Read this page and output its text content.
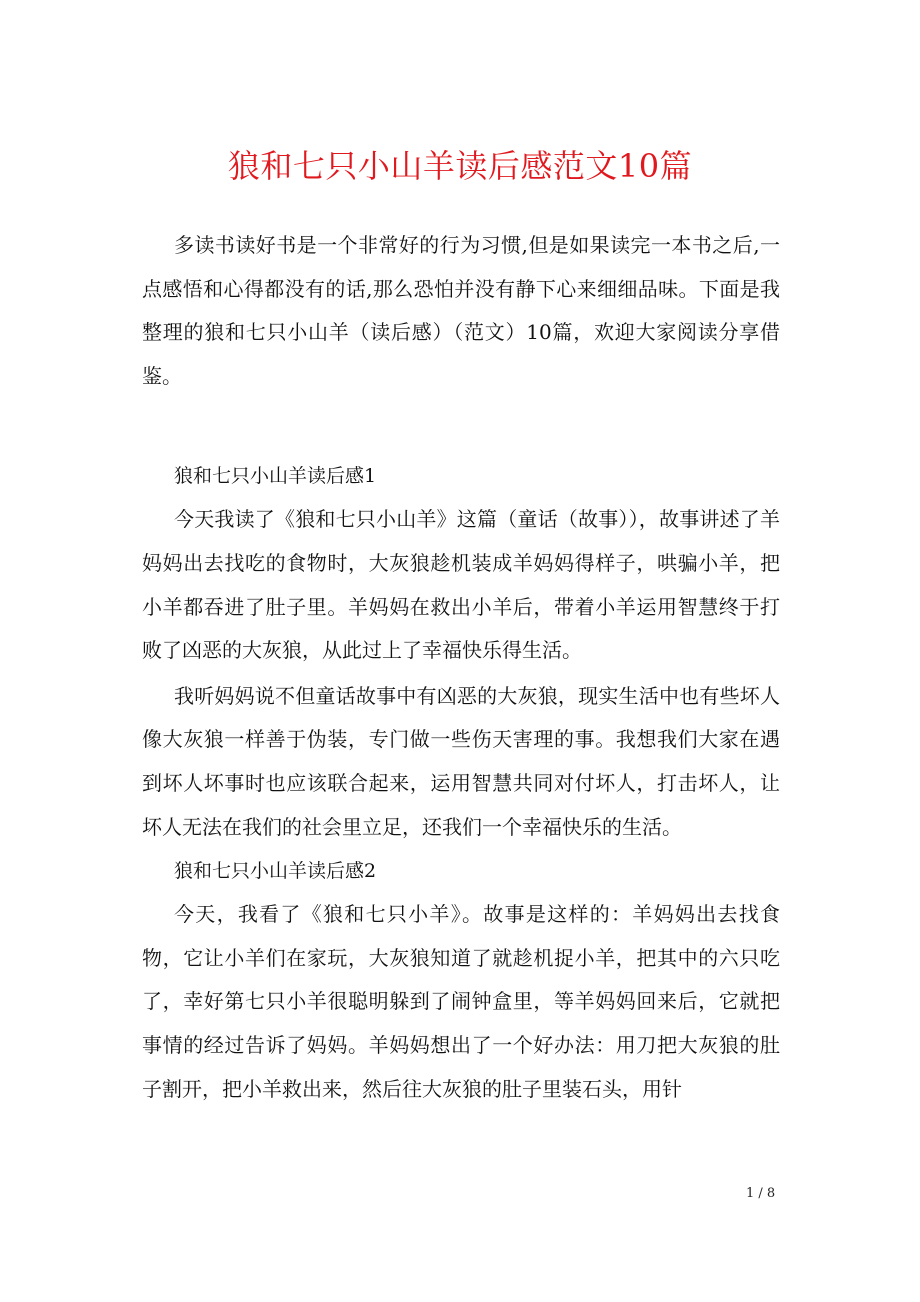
狼和七只小山羊读后感范文10篇

多读书读好书是一个非常好的行为习惯,但是如果读完一本书之后,一点感悟和心得都没有的话,那么恐怕并没有静下心来细细品味。下面是我整理的狼和七只小山羊（读后感）（范文）10篇，欢迎大家阅读分享借鉴。

狼和七只小山羊读后感1

今天我读了《狼和七只小山羊》这篇（童话（故事）），故事讲述了羊妈妈出去找吃的食物时，大灰狼趁机装成羊妈妈得样子，哄骗小羊，把小羊都吞进了肚子里。羊妈妈在救出小羊后，带着小羊运用智慧终于打败了凶恶的大灰狼，从此过上了幸福快乐得生活。

我听妈妈说不但童话故事中有凶恶的大灰狼，现实生活中也有些坏人像大灰狼一样善于伪装，专门做一些伤天害理的事。我想我们大家在遇到坏人坏事时也应该联合起来，运用智慧共同对付坏人，打击坏人，让坏人无法在我们的社会里立足，还我们一个幸福快乐的生活。

狼和七只小山羊读后感2

今天，我看了《狼和七只小羊》。故事是这样的：羊妈妈出去找食物，它让小羊们在家玩，大灰狼知道了就趁机捉小羊，把其中的六只吃了，幸好第七只小羊很聪明躲到了闹钟盒里，等羊妈妈回来后，它就把事情的经过告诉了妈妈。羊妈妈想出了一个好办法：用刀把大灰狼的肚子割开，把小羊救出来，然后往大灰狼的肚子里装石头，用针

1 / 8
